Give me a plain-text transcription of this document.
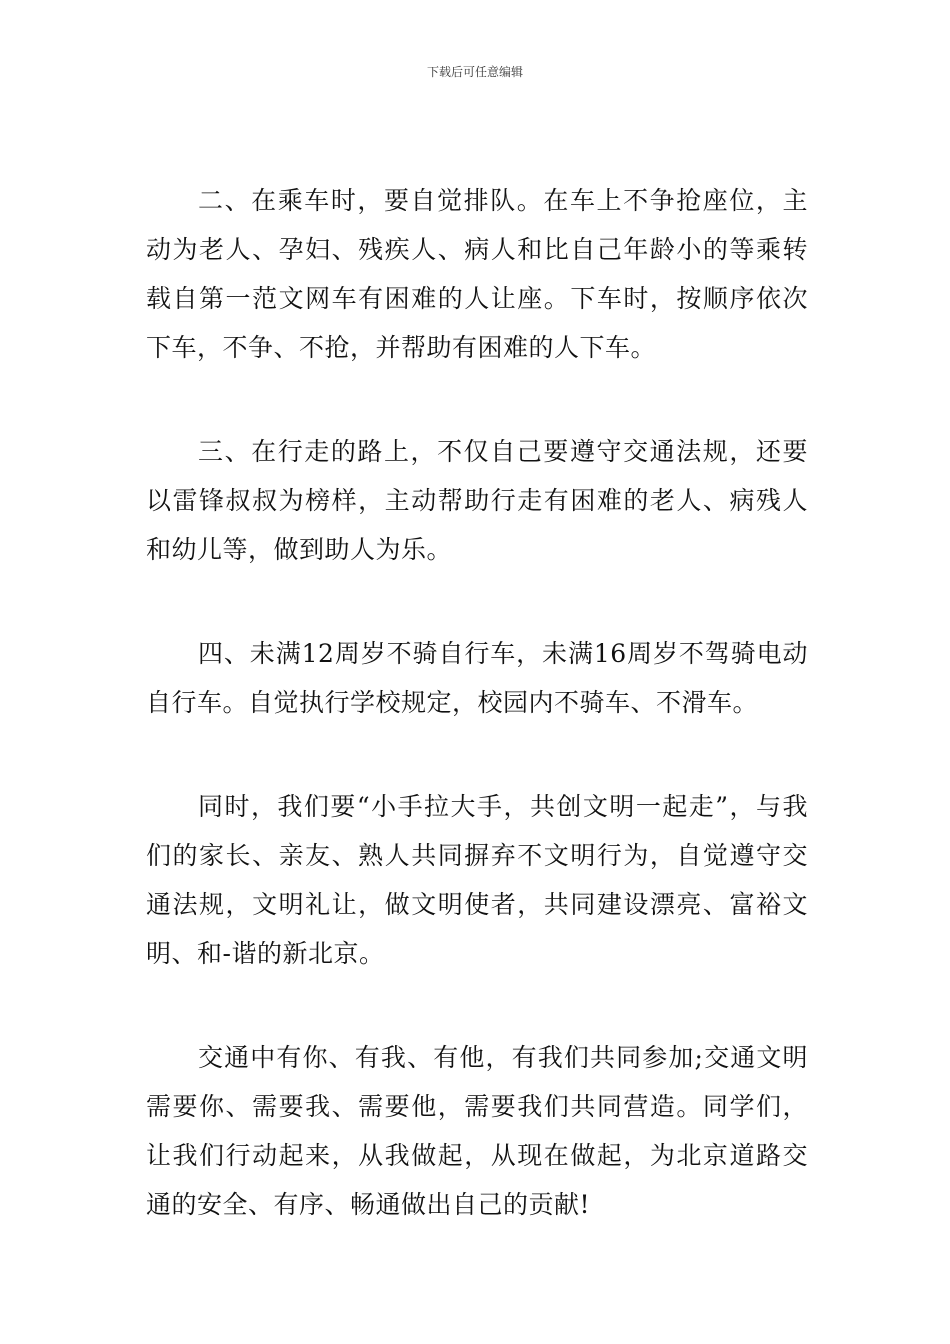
下载后可任意编辑

二、在乘车时，要自觉排队。在车上不争抢座位，主动为老人、孕妇、残疾人、病人和比自己年龄小的等乘转载自第一范文网车有困难的人让座。下车时，按顺序依次下车，不争、不抢，并帮助有困难的人下车。

三、在行走的路上，不仅自己要遵守交通法规，还要以雷锋叔叔为榜样，主动帮助行走有困难的老人、病残人和幼儿等，做到助人为乐。

四、未满12周岁不骑自行车，未满16周岁不驾骑电动自行车。自觉执行学校规定，校园内不骑车、不滑车。

同时，我们要“小手拉大手，共创文明一起走”，与我们的家长、亲友、熟人共同摒弃不文明行为，自觉遵守交通法规，文明礼让，做文明使者，共同建设漂亮、富裕文明、和-谐的新北京。

交通中有你、有我、有他，有我们共同参加;交通文明需要你、需要我、需要他，需要我们共同营造。同学们，让我们行动起来，从我做起，从现在做起，为北京道路交通的安全、有序、畅通做出自己的贡献!
